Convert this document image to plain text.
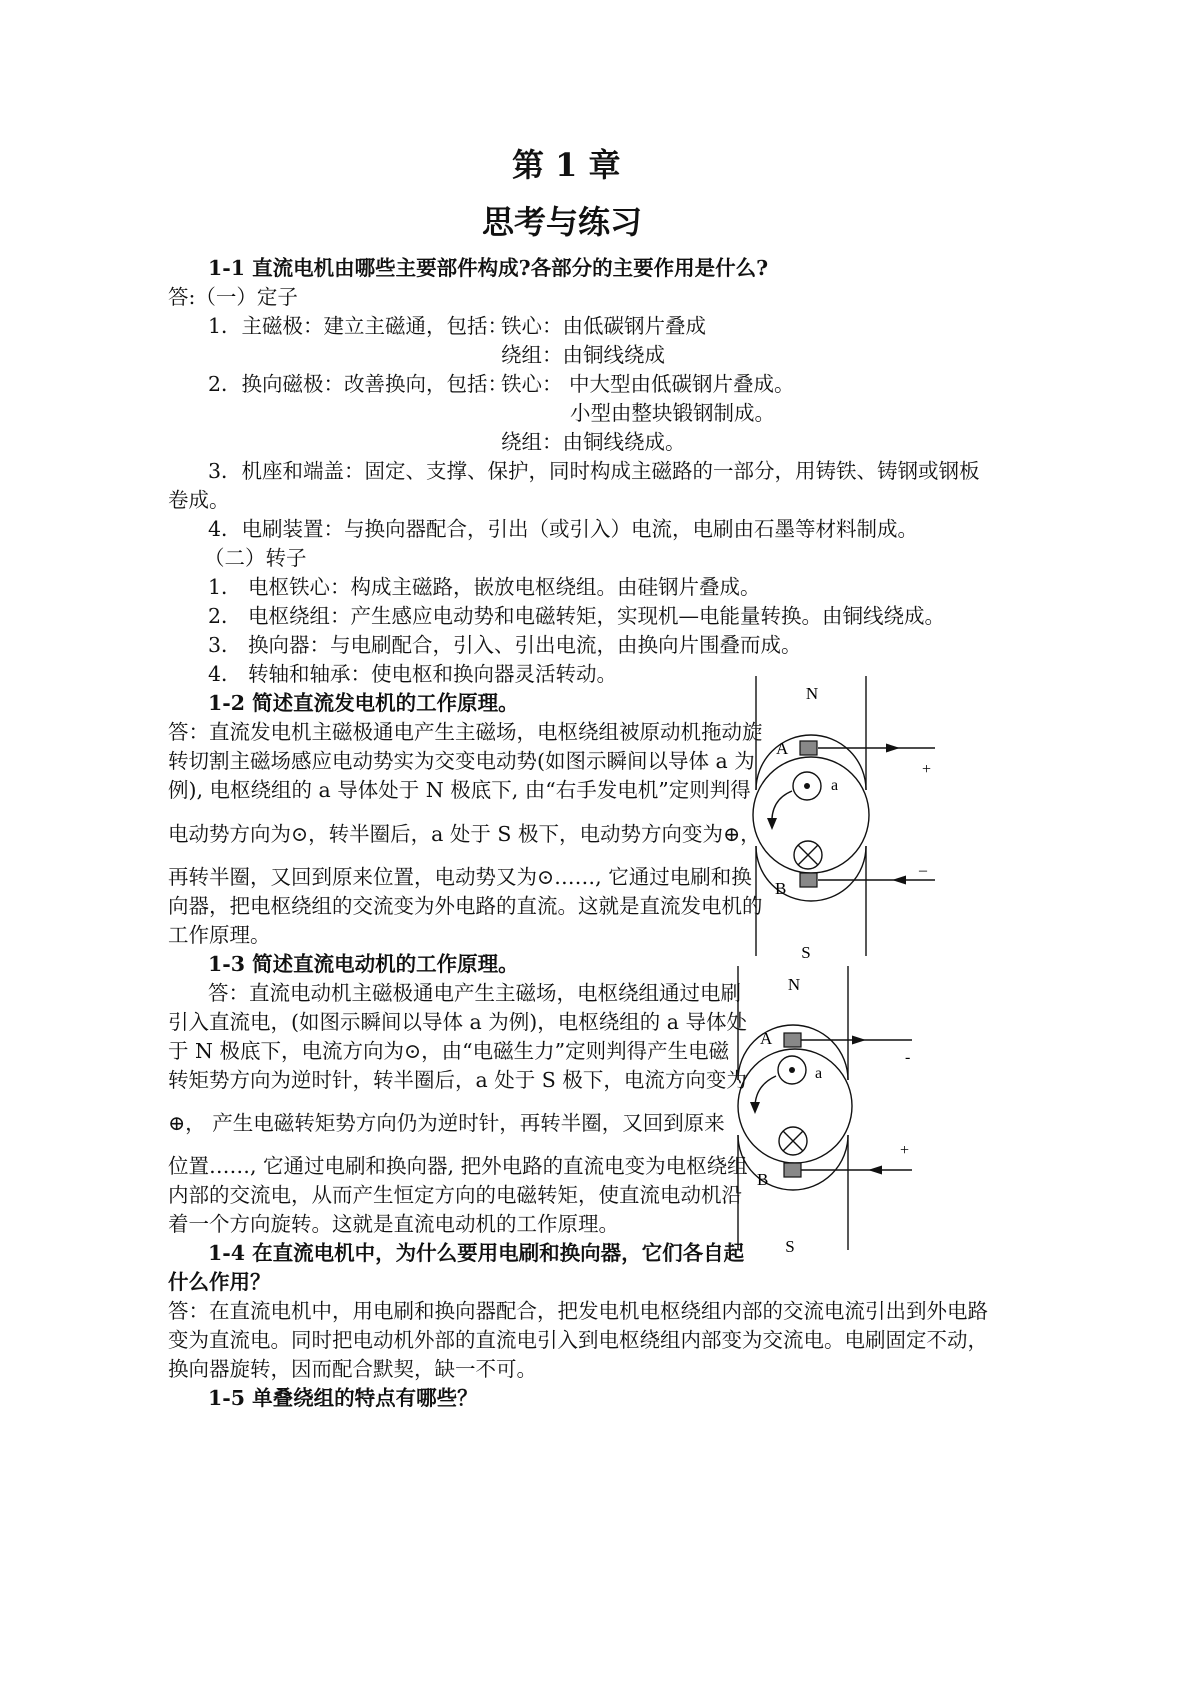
第 1 章
思考与练习
1-1 直流电机由哪些主要部件构成?各部分的主要作用是什么?
答:（一）定子
1．主磁极：建立主磁通，包括：
铁心：由低碳钢片叠成
绕组：由铜线绕成
2．换向磁极：改善换向，包括：
铁心： 中大型由低碳钢片叠成。
小型由整块锻钢制成。
绕组：由铜线绕成。
3．机座和端盖：固定、支撑、保护，同时构成主磁路的一部分，用铸铁、铸钢或钢板
卷成。
4．电刷装置：与换向器配合，引出（或引入）电流，电刷由石墨等材料制成。
（二）转子
1． 电枢铁心：构成主磁路，嵌放电枢绕组。由硅钢片叠成。
2． 电枢绕组：产生感应电动势和电磁转矩，实现机—电能量转换。由铜线绕成。
3． 换向器：与电刷配合，引入、引出电流，由换向片围叠而成。
4． 转轴和轴承：使电枢和换向器灵活转动。
1-2 简述直流发电机的工作原理。
答：直流发电机主磁极通电产生主磁场，电枢绕组被原动机拖动旋
转切割主磁场感应电动势实为交变电动势(如图示瞬间以导体 a 为
例), 电枢绕组的 a 导体处于 N 极底下, 由“右手发电机”定则判得
电动势方向为⊙，转半圈后，a 处于 S 极下，电动势方向变为⊕，
再转半圈，又回到原来位置，电动势又为⊙……, 它通过电刷和换
向器，把电枢绕组的交流变为外电路的直流。这就是直流发电机的
工作原理。
1-3 简述直流电动机的工作原理。
答：直流电动机主磁极通电产生主磁场，电枢绕组通过电刷
引入直流电，(如图示瞬间以导体 a 为例)，电枢绕组的 a 导体处
于 N 极底下，电流方向为⊙，由“电磁生力”定则判得产生电磁
转矩势方向为逆时针，转半圈后，a 处于 S 极下，电流方向变为
⊕， 产生电磁转矩势方向仍为逆时针，再转半圈，又回到原来
位置……, 它通过电刷和换向器, 把外电路的直流电变为电枢绕组
内部的交流电，从而产生恒定方向的电磁转矩，使直流电动机沿
着一个方向旋转。这就是直流电动机的工作原理。
1-4 在直流电机中，为什么要用电刷和换向器，它们各自起
什么作用？
答：在直流电机中，用电刷和换向器配合，把发电机电枢绕组内部的交流电流引出到外电路
变为直流电。同时把电动机外部的直流电引入到电枢绕组内部变为交流电。电刷固定不动，
换向器旋转，因而配合默契，缺一不可。
1-5 单叠绕组的特点有哪些？
N
S
A
B
a
+
–
N
S
A
B
a
-
+
